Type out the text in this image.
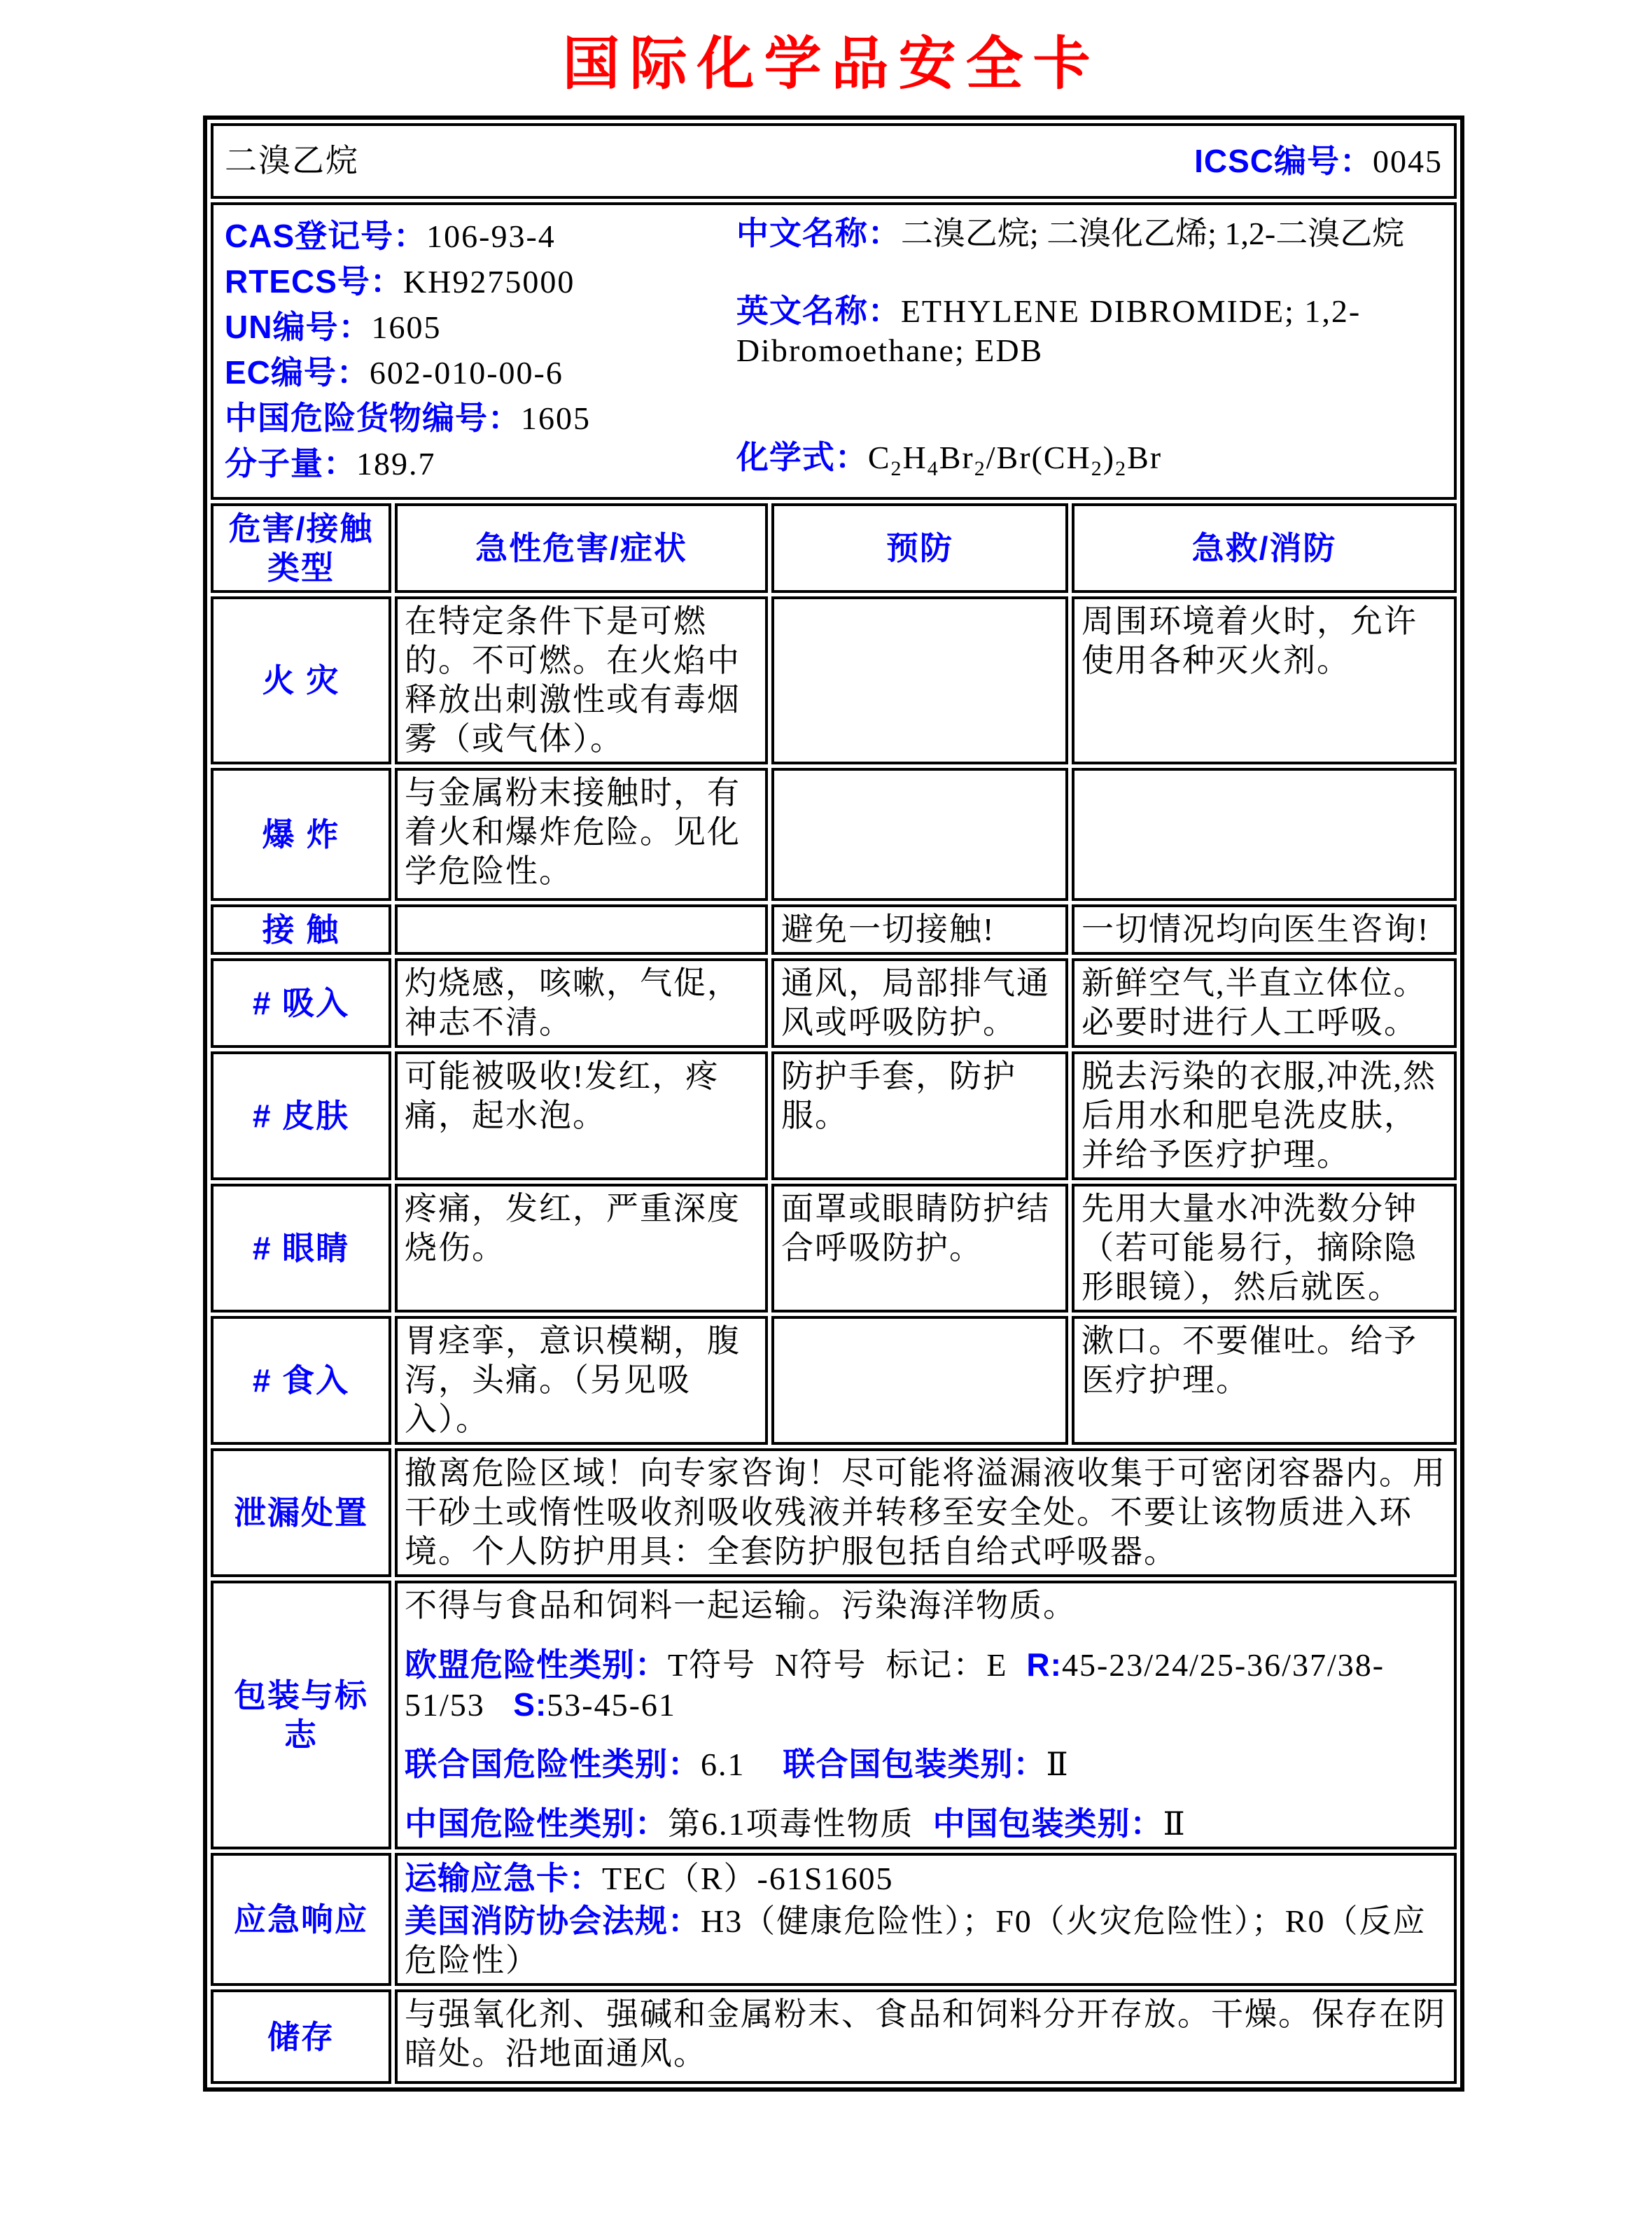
国际化学品安全卡
二溴乙烷 ICSC编号：0045			

CAS登记号：106-93-4
RTECS号：KH9275000
UN编号：1605
EC编号：602-010-00-6
中国危险货物编号：1605
分子量：189.7

中文名称：二溴乙烷; 二溴化乙烯; 1,2-二溴乙烷

英文名称：ETHYLENE DIBROMIDE; 1,2-Dibromoethane; EDB

化学式：$C_2H_4Br_2/Br(CH_2)_2Br$

危害/接触类型	急性危害/症状	预防	急救/消防
火 灾	在特定条件下是可燃的。不可燃。在火焰中释放出刺激性或有毒烟雾（或气体）。		周围环境着火时，允许使用各种灭火剂。
爆 炸	与金属粉末接触时，有着火和爆炸危险。见化学危险性。		
接 触		避免一切接触!	一切情况均向医生咨询!
# 吸入	灼烧感，咳嗽，气促，神志不清。	通风，局部排气通风或呼吸防护。	新鲜空气,半直立体位。必要时进行人工呼吸。
# 皮肤	可能被吸收!发红，疼痛，起水泡。	防护手套，防护服。	脱去污染的衣服,冲洗,然后用水和肥皂洗皮肤，并给予医疗护理。
# 眼睛	疼痛，发红，严重深度烧伤。	面罩或眼睛防护结合呼吸防护。	先用大量水冲洗数分钟（若可能易行，摘除隐形眼镜），然后就医。
# 食入	胃痉挛，意识模糊，腹泻，头痛。（另见吸入）。		漱口。不要催吐。给予医疗护理。
泄漏处置	撤离危险区域！向专家咨询！尽可能将溢漏液收集于可密闭容器内。用干砂土或惰性吸收剂吸收残液并转移至安全处。不要让该物质进入环境。个人防护用具：全套防护服包括自给式呼吸器。		
包装与标志	不得与食品和饲料一起运输。污染海洋物质。

欧盟危险性类别：T符号  N符号  标记：E  R:45-23/24/25-36/37/38-51/53   S:53-45-61

联合国危险性类别：6.1    联合国包装类别：Ⅱ

中国危险性类别：第6.1项毒性物质  中国包装类别：Ⅱ		

应急响应	运输应急卡：TEC（R）-61S1605

美国消防协会法规：H3（健康危险性）；F0（火灾危险性）；R0（反应危险性）		

储存	与强氧化剂、强碱和金属粉末、食品和饲料分开存放。干燥。保存在阴暗处。沿地面通风。		
